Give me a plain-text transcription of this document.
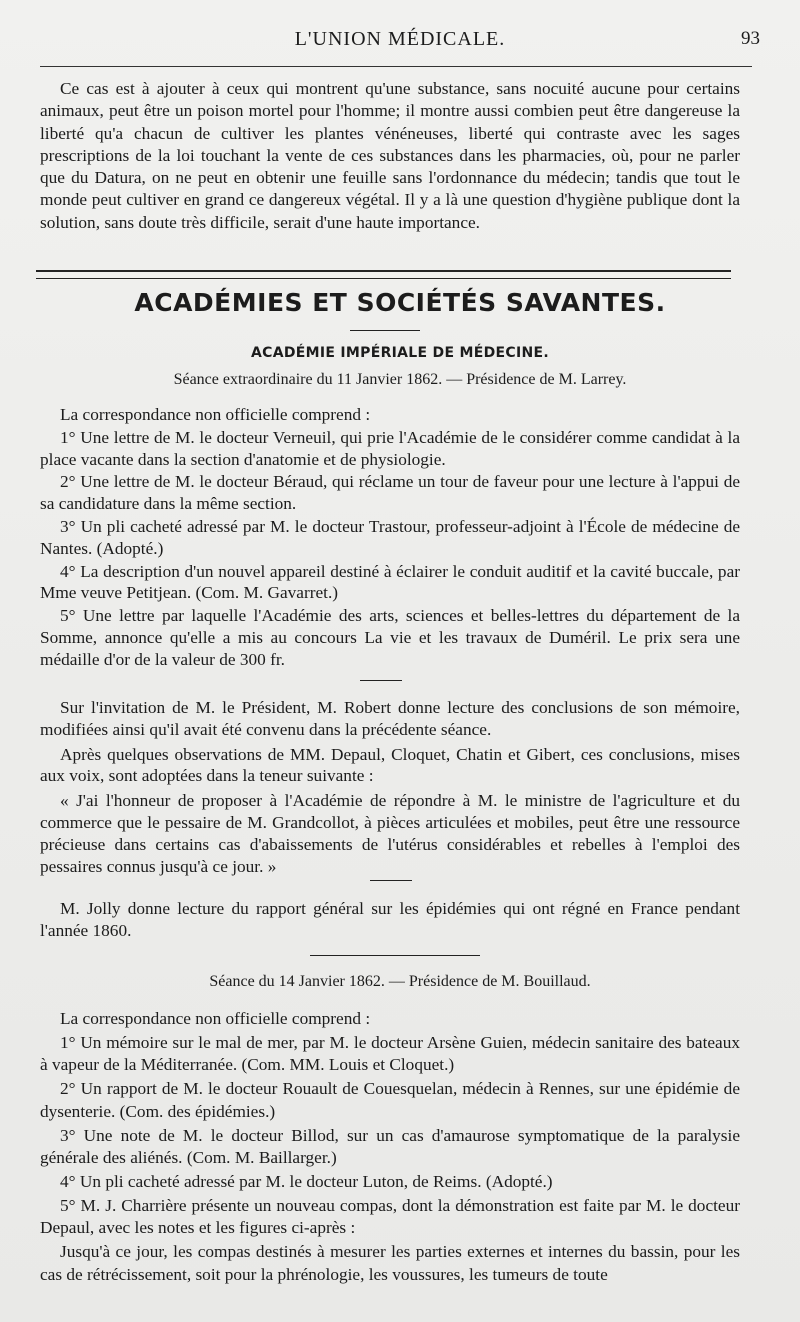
L'UNION MÉDICALE.	93

Ce cas est à ajouter à ceux qui montrent qu'une substance, sans nocuité aucune pour certains animaux, peut être un poison mortel pour l'homme; il montre aussi combien peut être dangereuse la liberté qu'a chacun de cultiver les plantes vénéneuses, liberté qui contraste avec les sages prescriptions de la loi touchant la vente de ces substances dans les pharmacies, où, pour ne parler que du Datura, on ne peut en obtenir une feuille sans l'ordonnance du médecin; tandis que tout le monde peut cultiver en grand ce dangereux végétal. Il y a là une question d'hygiène publique dont la solution, sans doute très difficile, serait d'une haute importance.

ACADÉMIES ET SOCIÉTÉS SAVANTES.
ACADÉMIE IMPÉRIALE DE MÉDECINE.
Séance extraordinaire du 11 Janvier 1862. — Présidence de M. Larrey.

La correspondance non officielle comprend :

1° Une lettre de M. le docteur Verneuil, qui prie l'Académie de le considérer comme candidat à la place vacante dans la section d'anatomie et de physiologie.

2° Une lettre de M. le docteur Béraud, qui réclame un tour de faveur pour une lecture à l'appui de sa candidature dans la même section.

3° Un pli cacheté adressé par M. le docteur Trastour, professeur-adjoint à l'École de médecine de Nantes. (Adopté.)

4° La description d'un nouvel appareil destiné à éclairer le conduit auditif et la cavité buccale, par Mme veuve Petitjean. (Com. M. Gavarret.)

5° Une lettre par laquelle l'Académie des arts, sciences et belles-lettres du département de la Somme, annonce qu'elle a mis au concours La vie et les travaux de Duméril. Le prix sera une médaille d'or de la valeur de 300 fr.

Sur l'invitation de M. le Président, M. Robert donne lecture des conclusions de son mémoire, modifiées ainsi qu'il avait été convenu dans la précédente séance.

Après quelques observations de MM. Depaul, Cloquet, Chatin et Gibert, ces conclusions, mises aux voix, sont adoptées dans la teneur suivante :

« J'ai l'honneur de proposer à l'Académie de répondre à M. le ministre de l'agriculture et du commerce que le pessaire de M. Grandcollot, à pièces articulées et mobiles, peut être une ressource précieuse dans certains cas d'abaissements de l'utérus considérables et rebelles à l'emploi des pessaires connus jusqu'à ce jour. »

M. Jolly donne lecture du rapport général sur les épidémies qui ont régné en France pendant l'année 1860.

Séance du 14 Janvier 1862. — Présidence de M. Bouillaud.

La correspondance non officielle comprend :

1° Un mémoire sur le mal de mer, par M. le docteur Arsène Guien, médecin sanitaire des bateaux à vapeur de la Méditerranée. (Com. MM. Louis et Cloquet.)

2° Un rapport de M. le docteur Rouault de Couesquelan, médecin à Rennes, sur une épidémie de dysenterie. (Com. des épidémies.)

3° Une note de M. le docteur Billod, sur un cas d'amaurose symptomatique de la paralysie générale des aliénés. (Com. M. Baillarger.)

4° Un pli cacheté adressé par M. le docteur Luton, de Reims. (Adopté.)

5° M. J. Charrière présente un nouveau compas, dont la démonstration est faite par M. le docteur Depaul, avec les notes et les figures ci-après :

Jusqu'à ce jour, les compas destinés à mesurer les parties externes et internes du bassin, pour les cas de rétrécissement, soit pour la phrénologie, les voussures, les tumeurs de toute
